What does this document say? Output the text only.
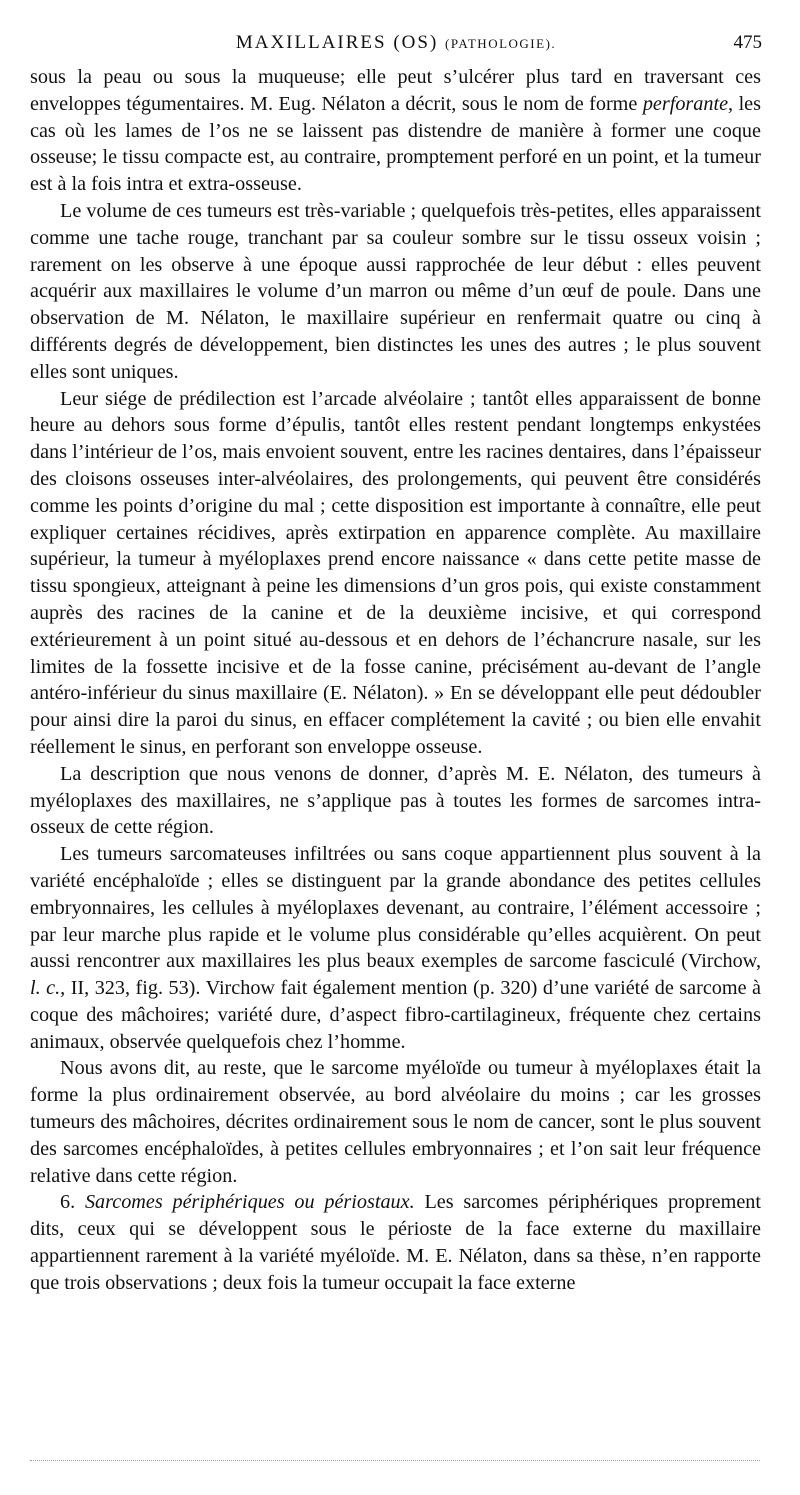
MAXILLAIRES (OS) (PATHOLOGIE).	475

sous la peau ou sous la muqueuse; elle peut s’ulcérer plus tard en traversant ces enveloppes tégumentaires. M. Eug. Nélaton a décrit, sous le nom de forme perforante, les cas où les lames de l’os ne se laissent pas distendre de manière à former une coque osseuse; le tissu compacte est, au contraire, promptement perforé en un point, et la tumeur est à la fois intra et extra-osseuse.

Le volume de ces tumeurs est très-variable ; quelquefois très-petites, elles apparaissent comme une tache rouge, tranchant par sa couleur sombre sur le tissu osseux voisin ; rarement on les observe à une époque aussi rapprochée de leur début : elles peuvent acquérir aux maxillaires le volume d’un marron ou même d’un œuf de poule. Dans une observation de M. Nélaton, le maxillaire supérieur en renfermait quatre ou cinq à différents degrés de développement, bien distinctes les unes des autres ; le plus souvent elles sont uniques.

Leur siége de prédilection est l’arcade alvéolaire ; tantôt elles apparaissent de bonne heure au dehors sous forme d’épulis, tantôt elles restent pendant longtemps enkystées dans l’intérieur de l’os, mais envoient souvent, entre les racines dentaires, dans l’épaisseur des cloisons osseuses inter-alvéolaires, des prolongements, qui peuvent être considérés comme les points d’origine du mal ; cette disposition est importante à connaître, elle peut expliquer certaines récidives, après extirpation en apparence complète. Au maxillaire supérieur, la tumeur à myéloplaxes prend encore naissance « dans cette petite masse de tissu spongieux, atteignant à peine les dimensions d’un gros pois, qui existe constamment auprès des racines de la canine et de la deuxième incisive, et qui correspond extérieurement à un point situé au-dessous et en dehors de l’échancrure nasale, sur les limites de la fossette incisive et de la fosse canine, précisément au-devant de l’angle antéro-inférieur du sinus maxillaire (E. Nélaton). » En se développant elle peut dédoubler pour ainsi dire la paroi du sinus, en effacer complétement la cavité ; ou bien elle envahit réellement le sinus, en perforant son enveloppe osseuse.

La description que nous venons de donner, d’après M. E. Nélaton, des tumeurs à myéloplaxes des maxillaires, ne s’applique pas à toutes les formes de sarcomes intra-osseux de cette région.

Les tumeurs sarcomateuses infiltrées ou sans coque appartiennent plus souvent à la variété encéphaloïde ; elles se distinguent par la grande abondance des petites cellules embryonnaires, les cellules à myéloplaxes devenant, au contraire, l’élément accessoire ; par leur marche plus rapide et le volume plus considérable qu’elles acquièrent. On peut aussi rencontrer aux maxillaires les plus beaux exemples de sarcome fasciculé (Virchow, l. c., II, 323, fig. 53). Virchow fait également mention (p. 320) d’une variété de sarcome à coque des mâchoires; variété dure, d’aspect fibro-cartilagineux, fréquente chez certains animaux, observée quelquefois chez l’homme.

Nous avons dit, au reste, que le sarcome myéloïde ou tumeur à myéloplaxes était la forme la plus ordinairement observée, au bord alvéolaire du moins ; car les grosses tumeurs des mâchoires, décrites ordinairement sous le nom de cancer, sont le plus souvent des sarcomes encéphaloïdes, à petites cellules embryonnaires ; et l’on sait leur fréquence relative dans cette région.

6. Sarcomes périphériques ou périostaux. Les sarcomes périphériques proprement dits, ceux qui se développent sous le périoste de la face externe du maxillaire appartiennent rarement à la variété myéloïde. M. E. Nélaton, dans sa thèse, n’en rapporte que trois observations ; deux fois la tumeur occupait la face externe
